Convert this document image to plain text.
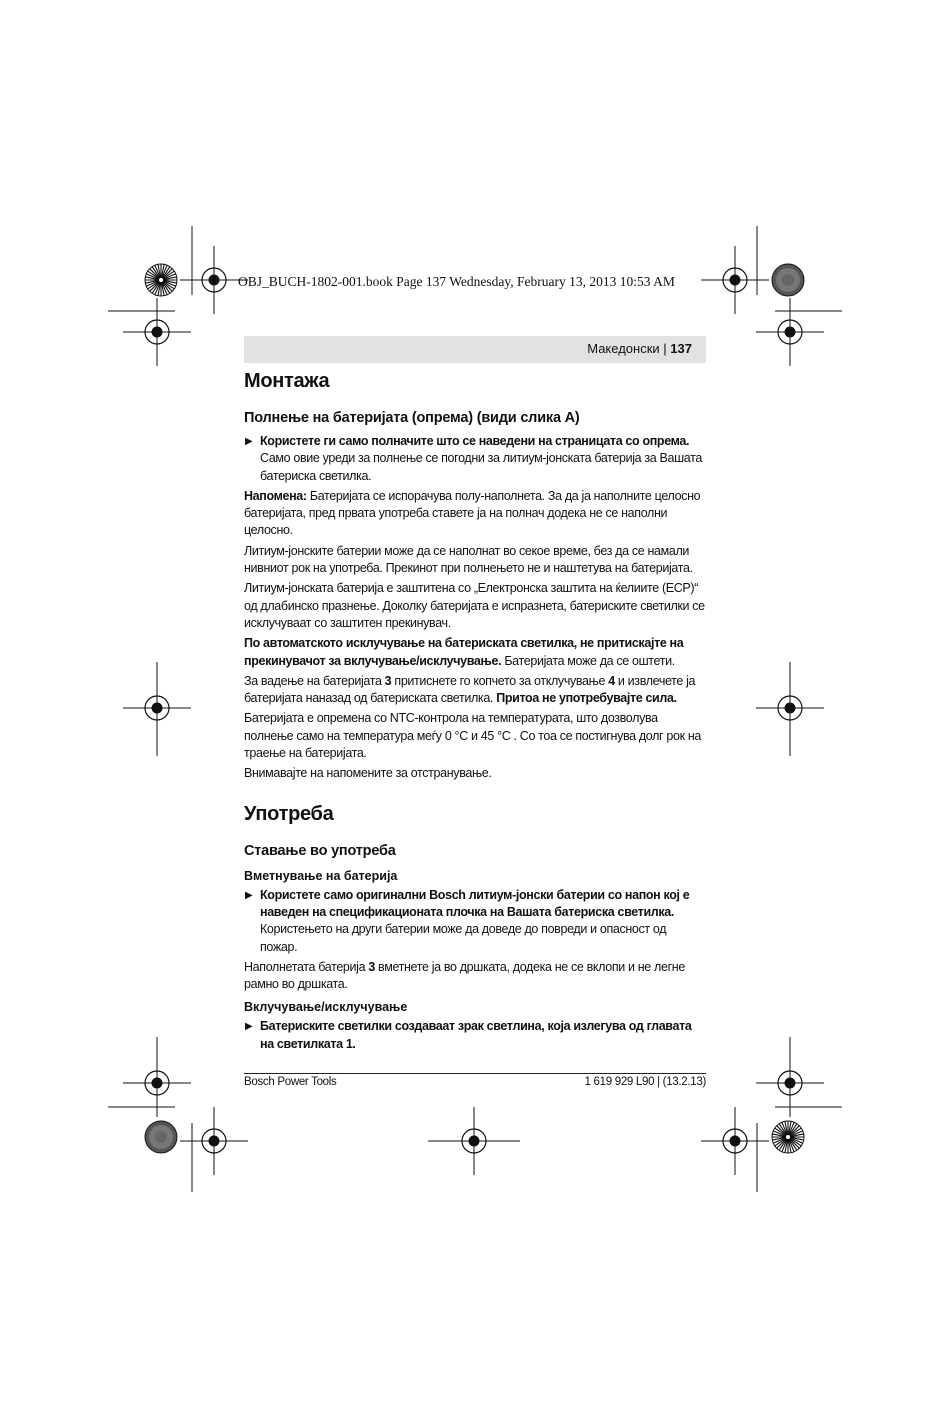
OBJ_BUCH-1802-001.book Page 137 Wednesday, February 13, 2013 10:53 AM
Македонски | 137
Монтажа
Полнење на батеријата (опрема) (види слика A)

▶ Користете ги само полначите што се наведени на страницата со опрема. Само овие уреди за полнење се погодни за литиум-јонската батерија за Вашата батериска светилка.

Напомена: Батеријата се испорачува полу-наполнета. За да ја наполните целосно батеријата, пред првата употреба ставете ја на полнач додека не се наполни целосно.

Литиум-јонските батерии може да се наполнат во секое време, без да се намали нивниот рок на употреба. Прекинот при полнењето не и наштетува на батеријата.

Литиум-јонската батерија е заштитена со „Електронска заштита на ќелиите (ECP)“ од длабинско празнење. Доколку батеријата е испразнета, батериските светилки се исклучуваат со заштитен прекинувач.

По автоматското исклучување на батериската светилка, не притискајте на прекинувачот за вклучување/исклучување. Батеријата може да се оштети.

За вадење на батеријата 3 притиснете го копчето за отклучување 4 и извлечете ја батеријата наназад од батериската светилка. Притоа не употребувајте сила.

Батеријата е опремена со NTC-контрола на температурата, што дозволува полнење само на температура меѓу 0 °C и 45 °C . Со тоа се постигнува долг рок на траење на батеријата.

Внимавајте на напомените за отстранување.

Употреба
Ставање во употреба
Вметнување на батерија

▶ Користете само оригинални Bosch литиум-јонски батерии со напон кој е наведен на спецификационата плочка на Вашата батериска светилка. Користењето на други батерии може да доведе до повреди и опасност од пожар.

Наполнетата батерија 3 вметнете ја во дршката, додека не се вклопи и не легне рамно во дршката.

Вклучување/исклучување

▶ Батериските светилки создаваат зрак светлина, која излегува од главата на светилката 1.

Bosch Power Tools	1 619 929 L90 | (13.2.13)
